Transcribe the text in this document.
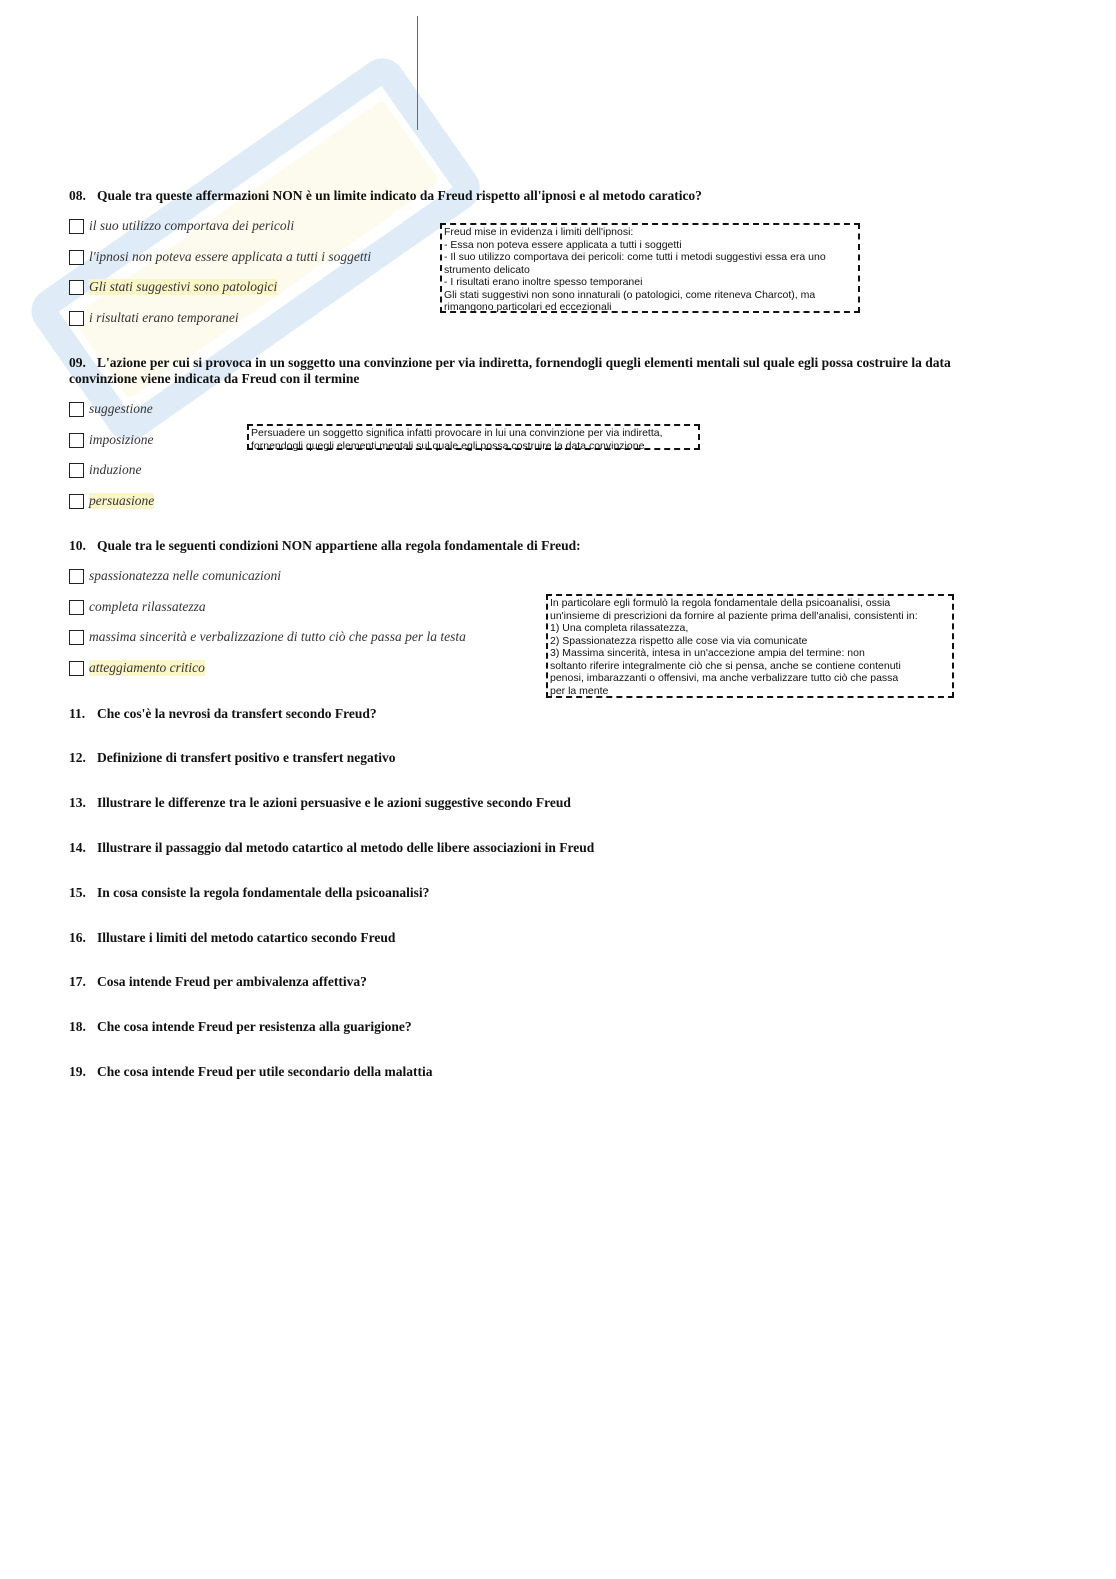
08. Quale tra queste affermazioni NON è un limite indicato da Freud rispetto all'ipnosi e al metodo caratico?
il suo utilizzo comportava dei pericoli
l'ipnosi non poteva essere applicata a tutti i soggetti
Gli stati suggestivi sono patologici
i risultati erano temporanei
Freud mise in evidenza i limiti dell'ipnosi:
- Essa non poteva essere applicata a tutti i soggetti
- Il suo utilizzo comportava dei pericoli: come tutti i metodi suggestivi essa era uno
strumento delicato
- I risultati erano inoltre spesso temporanei
Gli stati suggestivi non sono innaturali (o patologici, come riteneva Charcot), ma
rimangono particolari ed eccezionali
09. L'azione per cui si provoca in un soggetto una convinzione per via indiretta, fornendogli quegli elementi mentali sul quale egli possa costruire la data
convinzione viene indicata da Freud con il termine
suggestione
imposizione
induzione
persuasione
Persuadere un soggetto significa infatti provocare in lui una convinzione per via indiretta,
fornendogli quegli elementi mentali sul quale egli possa costruire la data convinzione
10. Quale tra le seguenti condizioni NON appartiene alla regola fondamentale di Freud:
spassionatezza nelle comunicazioni
completa rilassatezza
massima sincerità e verbalizzazione di tutto ciò che passa per la testa
atteggiamento critico
In particolare egli formulò la regola fondamentale della psicoanalisi, ossia
un'insieme di prescrizioni da fornire al paziente prima dell'analisi, consistenti in:
1) Una completa rilassatezza,
2) Spassionatezza rispetto alle cose via via comunicate
3) Massima sincerità, intesa in un'accezione ampia del termine: non
soltanto riferire integralmente ciò che si pensa, anche se contiene contenuti
penosi, imbarazzanti o offensivi, ma anche verbalizzare tutto ciò che passa
per la mente
11. Che cos'è la nevrosi da transfert secondo Freud?
12. Definizione di transfert positivo e transfert negativo
13. Illustrare le differenze tra le azioni persuasive e le azioni suggestive secondo Freud
14. Illustrare il passaggio dal metodo catartico al metodo delle libere associazioni in Freud
15. In cosa consiste la regola fondamentale della psicoanalisi?
16. Illustare i limiti del metodo catartico secondo Freud
17. Cosa intende Freud per ambivalenza affettiva?
18. Che cosa intende Freud per resistenza alla guarigione?
19. Che cosa intende Freud per utile secondario della malattia
